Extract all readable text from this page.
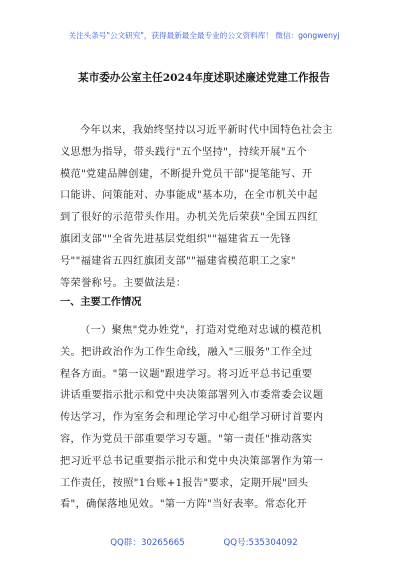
关注头条号"公文研究"，获得最新最全最专业的公文资料库！ 微信：gongwenyj
某市委办公室主任2024年度述职述廉述党建工作报告
今年以来，我始终坚持以习近平新时代中国特色社会主
义思想为指导，带头践行"五个坚持"，持续开展"五个
模范"党建品牌创建，不断提升党员干部"提笔能写、开
口能讲、问策能对、办事能成"基本功，在全市机关中起
到了很好的示范带头作用。办机关先后荣获"全国五四红
旗团支部""全省先进基层党组织""福建省五一先锋
号""福建省五四红旗团支部""福建省模范职工之家"
等荣誉称号。主要做法是：
一、主要工作情况
（一）聚焦"党办姓党"，打造对党绝对忠诚的模范机
关。把讲政治作为工作生命线，融入"三服务"工作全过
程各方面。"第一议题"跟进学习。将习近平总书记重要
讲话重要指示批示和党中央决策部署列入市委常委会议题
传达学习，作为室务会和理论学习中心组学习研讨首要内
容，作为党员干部重要学习专题。"第一责任"推动落实
把习近平总书记重要指示批示和党中央决策部署作为第一
工作责任，按照"1台账+1报告"要求，定期开展"回头
看"，确保落地见效。"第一方阵"当好表率。常态化开
QQ群：30265665	QQ号:535304092
